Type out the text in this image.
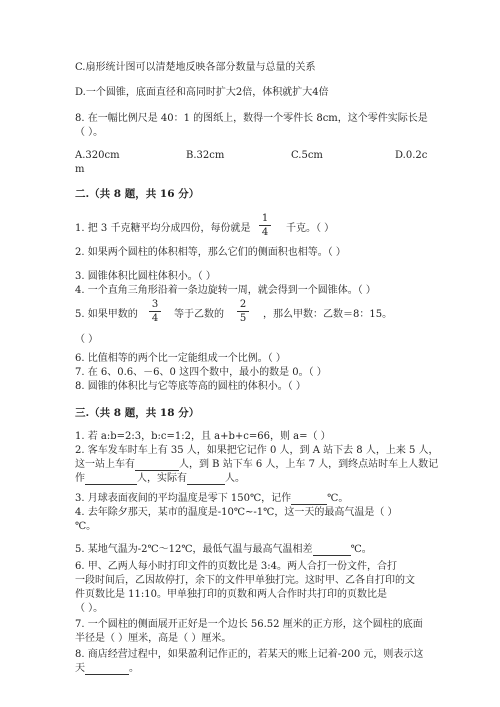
C.扇形统计图可以清楚地反映各部分数量与总量的关系
D.一个圆锥，底面直径和高同时扩大2倍，体积就扩大4倍
8. 在一幅比例尺是 40：1 的图纸上，数得一个零件长 8cm，这个零件实际长是
（ ）。
A.320cm	B.32cm	C.5cm	D.0.2c
m
二.（共 8 题，共 16 分）
1. 把 3 千克糖平均分成四份，每份就是
1
4 千克。（ ）
2. 如果两个圆柱的体积相等，那么它们的侧面积也相等。（ ）
3. 圆锥体积比圆柱体积小。（ ）
4. 一个直角三角形沿着一条边旋转一周，就会得到一个圆锥体。（ ）
5. 如果甲数的
3
4 等于乙数的
2
5 ，那么甲数：乙数＝8：15。
（ ）
6. 比值相等的两个比一定能组成一个比例。（ ）
7. 在 6、0.6、－6、0 这四个数中，最小的数是 0。（ ）
8. 圆锥的体积比与它等底等高的圆柱的体积小。（ ）
三.（共 8 题，共 18 分）
1. 若 a:b=2:3，b:c=1:2，且 a+b+c=66，则 a=（ ）
2. 客车发车时车上有 35 人，如果把它记作 0 人，到 A 站下去 8 人，上来 5 人，
这一站上车有	人，到 B 站下车 6 人，上车 7 人，到终点站时车上人数记
作	人，实际有	人。
3. 月球表面夜间的平均温度是零下 150℃，记作	℃。
4. 去年除夕那天，某市的温度是-10℃~-1℃，这一天的最高气温是（ ）
℃。
5. 某地气温为-2℃～12℃，最低气温与最高气温相差	℃。
6. 甲、乙两人每小时打印文件的页数比是 3:4。两人合打一份文件，合打
一段时间后，乙因故停打，余下的文件甲单独打完。这时甲、乙各自打印的文
件页数比是 11:10。甲单独打印的页数和两人合作时共打印的页数比是
（ ）。
7. 一个圆柱的侧面展开正好是一个边长 56.52 厘米的正方形，这个圆柱的底面
半径是（ ）厘米，高是（ ）厘米。
8. 商店经营过程中，如果盈利记作正的，若某天的账上记着-200 元，则表示这
天	。
